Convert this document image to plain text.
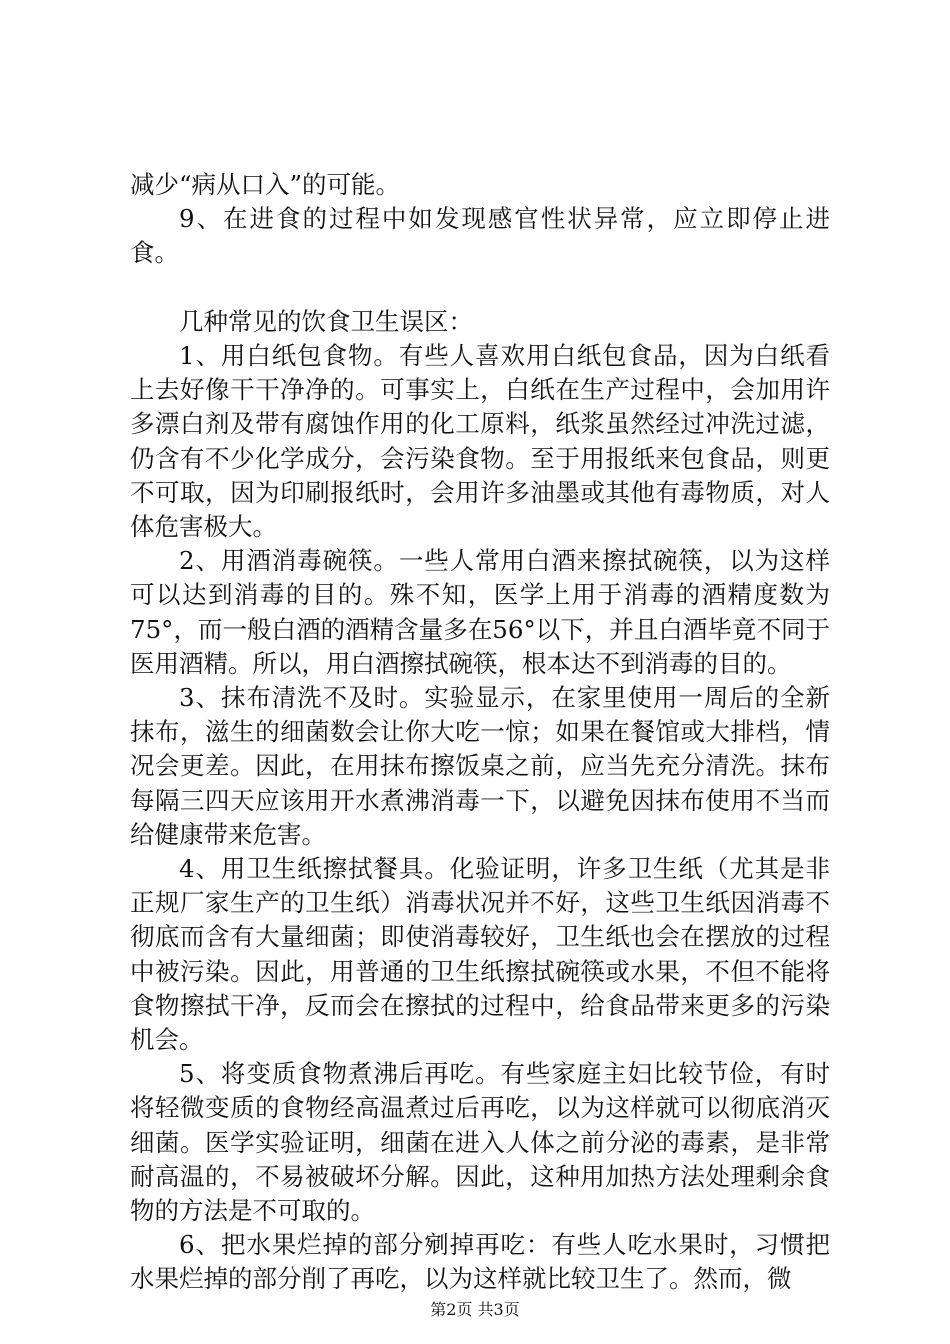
减少“病从口入”的可能。

9、在进食的过程中如发现感官性状异常，应立即停止进食。

几种常见的饮食卫生误区：

1、用白纸包食物。有些人喜欢用白纸包食品，因为白纸看上去好像干干净净的。可事实上，白纸在生产过程中，会加用许多漂白剂及带有腐蚀作用的化工原料，纸浆虽然经过冲洗过滤，仍含有不少化学成分，会污染食物。至于用报纸来包食品，则更不可取，因为印刷报纸时，会用许多油墨或其他有毒物质，对人体危害极大。

2、用酒消毒碗筷。一些人常用白酒来擦拭碗筷，以为这样可以达到消毒的目的。殊不知，医学上用于消毒的酒精度数为75°，而一般白酒的酒精含量多在56°以下，并且白酒毕竟不同于医用酒精。所以，用白酒擦拭碗筷，根本达不到消毒的目的。

3、抹布清洗不及时。实验显示，在家里使用一周后的全新抹布，滋生的细菌数会让你大吃一惊；如果在餐馆或大排档，情况会更差。因此，在用抹布擦饭桌之前，应当先充分清洗。抹布每隔三四天应该用开水煮沸消毒一下，以避免因抹布使用不当而给健康带来危害。

4、用卫生纸擦拭餐具。化验证明，许多卫生纸（尤其是非正规厂家生产的卫生纸）消毒状况并不好，这些卫生纸因消毒不彻底而含有大量细菌；即使消毒较好，卫生纸也会在摆放的过程中被污染。因此，用普通的卫生纸擦拭碗筷或水果，不但不能将食物擦拭干净，反而会在擦拭的过程中，给食品带来更多的污染机会。

5、将变质食物煮沸后再吃。有些家庭主妇比较节俭，有时将轻微变质的食物经高温煮过后再吃，以为这样就可以彻底消灭细菌。医学实验证明，细菌在进入人体之前分泌的毒素，是非常耐高温的，不易被破坏分解。因此，这种用加热方法处理剩余食物的方法是不可取的。

6、把水果烂掉的部分剜掉再吃：有些人吃水果时，习惯把水果烂掉的部分削了再吃，以为这样就比较卫生了。然而，微

第2页 共3页
